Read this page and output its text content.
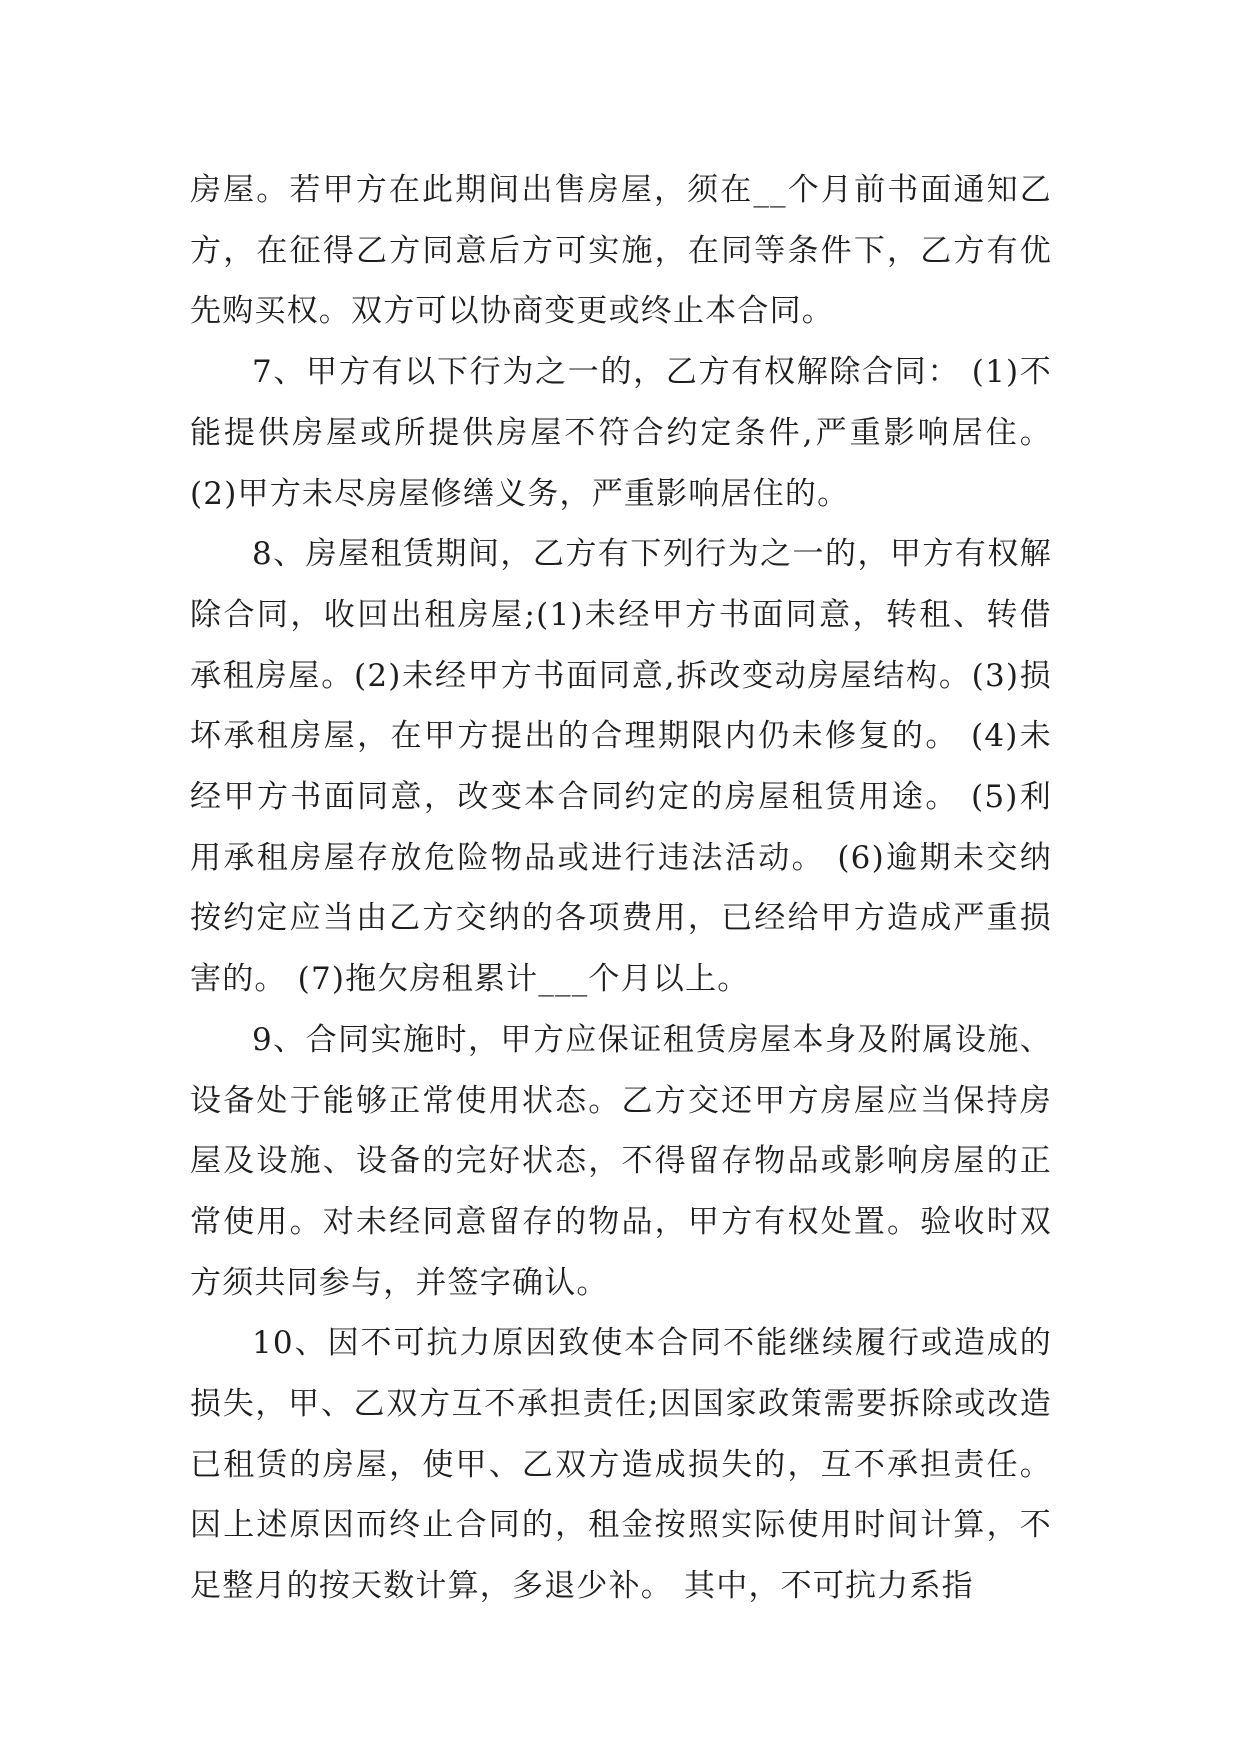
房屋。若甲方在此期间出售房屋，须在__个月前书面通知乙方，在征得乙方同意后方可实施，在同等条件下，乙方有优先购买权。双方可以协商变更或终止本合同。

7、甲方有以下行为之一的，乙方有权解除合同： (1)不能提供房屋或所提供房屋不符合约定条件,严重影响居住。(2)甲方未尽房屋修缮义务，严重影响居住的。

8、房屋租赁期间，乙方有下列行为之一的，甲方有权解除合同，收回出租房屋;(1)未经甲方书面同意，转租、转借承租房屋。(2)未经甲方书面同意,拆改变动房屋结构。(3)损坏承租房屋，在甲方提出的合理期限内仍未修复的。 (4)未经甲方书面同意，改变本合同约定的房屋租赁用途。 (5)利用承租房屋存放危险物品或进行违法活动。 (6)逾期未交纳按约定应当由乙方交纳的各项费用，已经给甲方造成严重损害的。 (7)拖欠房租累计___个月以上。

9、合同实施时，甲方应保证租赁房屋本身及附属设施、设备处于能够正常使用状态。乙方交还甲方房屋应当保持房屋及设施、设备的完好状态，不得留存物品或影响房屋的正常使用。对未经同意留存的物品，甲方有权处置。验收时双方须共同参与，并签字确认。

10、因不可抗力原因致使本合同不能继续履行或造成的损失，甲、乙双方互不承担责任;因国家政策需要拆除或改造已租赁的房屋，使甲、乙双方造成损失的，互不承担责任。因上述原因而终止合同的，租金按照实际使用时间计算，不足整月的按天数计算，多退少补。 其中，不可抗力系指
